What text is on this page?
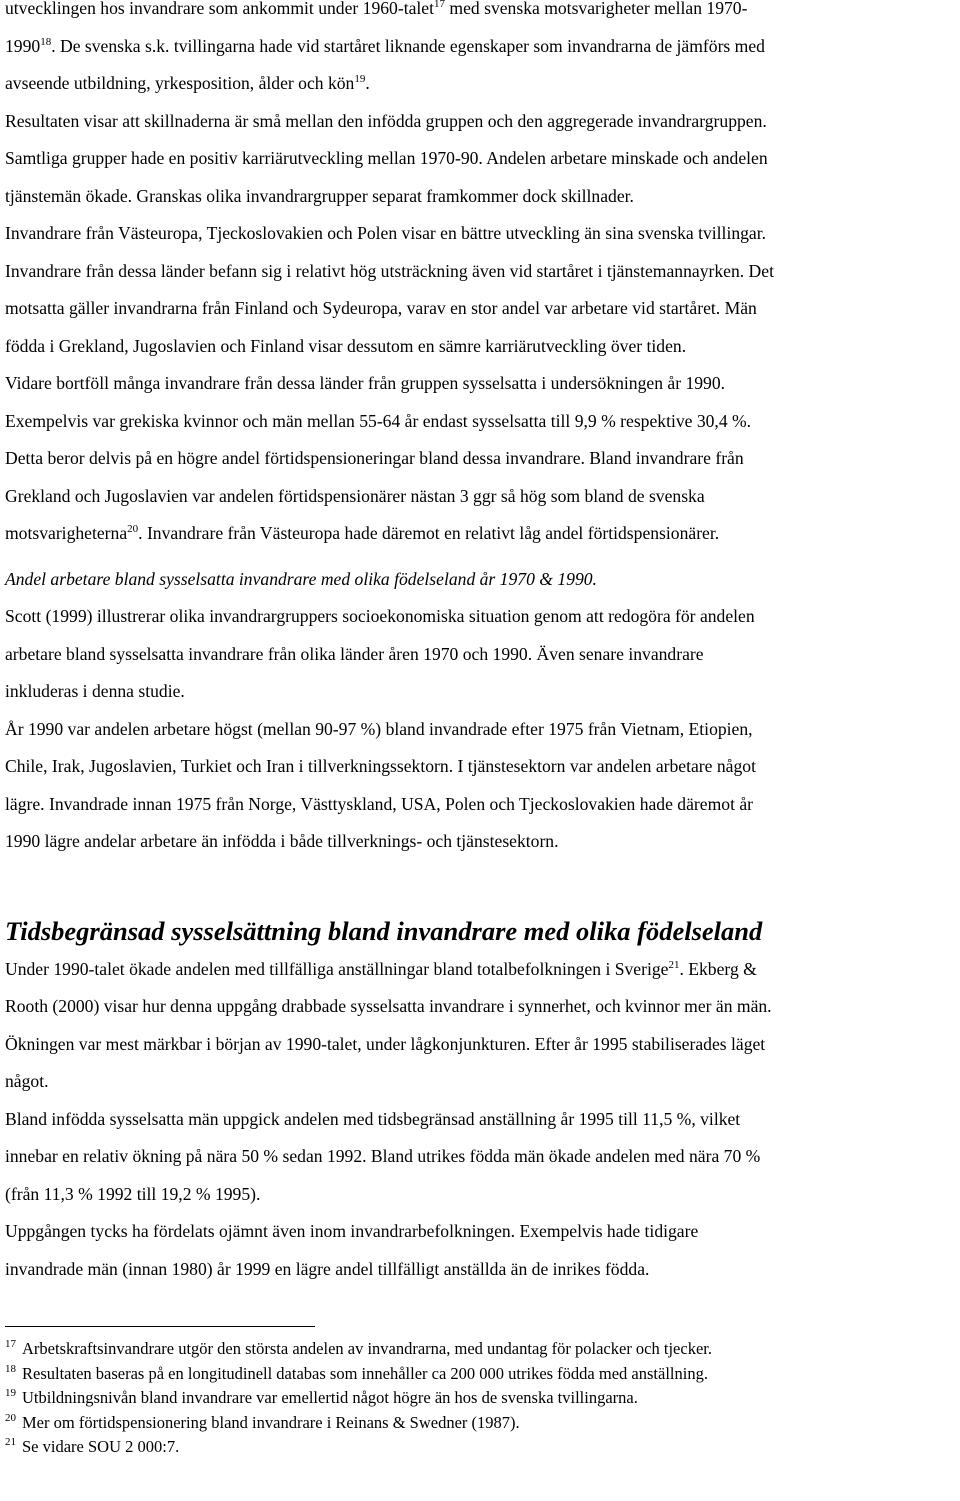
utvecklingen hos invandrare som ankommit under 1960-talet$^{17}$ med svenska motsvarigheter mellan 1970-

1990$^{18}$. De svenska s.k. tvillingarna hade vid startåret liknande egenskaper som invandrarna de jämförs med

avseende utbildning, yrkesposition, ålder och kön$^{19}$.

Resultaten visar att skillnaderna är små mellan den infödda gruppen och den aggregerade invandrargruppen.

Samtliga grupper hade en positiv karriärutveckling mellan 1970-90. Andelen arbetare minskade och andelen

tjänstemän ökade. Granskas olika invandrargrupper separat framkommer dock skillnader.

Invandrare från Västeuropa, Tjeckoslovakien och Polen visar en bättre utveckling än sina svenska tvillingar.

Invandrare från dessa länder befann sig i relativt hög utsträckning även vid startåret i tjänstemannayrken. Det

motsatta gäller invandrarna från Finland och Sydeuropa, varav en stor andel var arbetare vid startåret. Män

födda i Grekland, Jugoslavien och Finland visar dessutom en sämre karriärutveckling över tiden.

Vidare bortföll många invandrare från dessa länder från gruppen sysselsatta i undersökningen år 1990.

Exempelvis var grekiska kvinnor och män mellan 55-64 år endast sysselsatta till 9,9 % respektive 30,4 %.

Detta beror delvis på en högre andel förtidspensioneringar bland dessa invandrare. Bland invandrare från

Grekland och Jugoslavien var andelen förtidspensionärer nästan 3 ggr så hög som bland de svenska

motsvarigheterna$^{20}$. Invandrare från Västeuropa hade däremot en relativt låg andel förtidspensionärer.

Andel arbetare bland sysselsatta invandrare med olika födelseland år 1970 & 1990.

Scott (1999) illustrerar olika invandrargruppers socioekonomiska situation genom att redogöra för andelen

arbetare bland sysselsatta invandrare från olika länder åren 1970 och 1990. Även senare invandrare

inkluderas i denna studie.

År 1990 var andelen arbetare högst (mellan 90-97 %) bland invandrade efter 1975 från Vietnam, Etiopien,

Chile, Irak, Jugoslavien, Turkiet och Iran i tillverkningssektorn. I tjänstesektorn var andelen arbetare något

lägre. Invandrade innan 1975 från Norge, Västtyskland, USA, Polen och Tjeckoslovakien hade däremot år

1990 lägre andelar arbetare än infödda i både tillverknings- och tjänstesektorn.

Tidsbegränsad sysselsättning bland invandrare med olika födelseland

Under 1990-talet ökade andelen med tillfälliga anställningar bland totalbefolkningen i Sverige$^{21}$. Ekberg &

Rooth (2000) visar hur denna uppgång drabbade sysselsatta invandrare i synnerhet, och kvinnor mer än män.

Ökningen var mest märkbar i början av 1990-talet, under lågkonjunkturen. Efter år 1995 stabiliserades läget

något.

Bland infödda sysselsatta män uppgick andelen med tidsbegränsad anställning år 1995 till 11,5 %, vilket

innebar en relativ ökning på nära 50 % sedan 1992. Bland utrikes födda män ökade andelen med nära 70 %

(från 11,3 % 1992 till 19,2 % 1995).

Uppgången tycks ha fördelats ojämnt även inom invandrarbefolkningen. Exempelvis hade tidigare

invandrade män (innan 1980) år 1999 en lägre andel tillfälligt anställda än de inrikes födda.

$^{17}$ Arbetskraftsinvandrare utgör den största andelen av invandrarna, med undantag för polacker och tjecker.

$^{18}$ Resultaten baseras på en longitudinell databas som innehåller ca 200 000 utrikes födda med anställning.

$^{19}$ Utbildningsnivån bland invandrare var emellertid något högre än hos de svenska tvillingarna.

$^{20}$ Mer om förtidspensionering bland invandrare i Reinans & Swedner (1987).

$^{21}$ Se vidare SOU 2 000:7.
